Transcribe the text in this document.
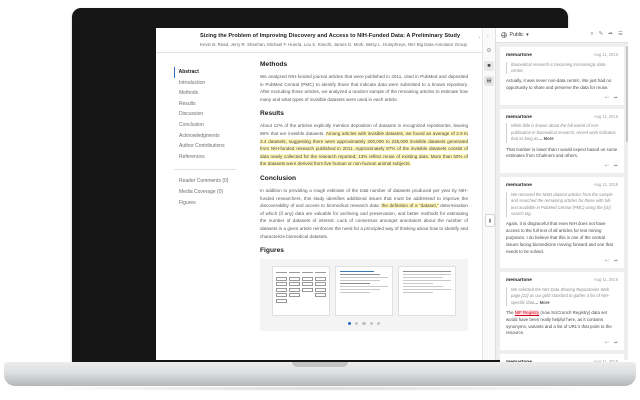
Sizing the Problem of Improving Discovery and Access to NIH-Funded Data: A Preliminary Study
Kevin B. Read, Jerry R. Sheehan, Michael F. Huerta, Lou S. Knecht, James G. Mork, Betsy L. Humphreys, NIH Big Data Annotator Group
›
Abstract
Introduction
Methods
Results
Discussion
Conclusion
Acknowledgments
Author Contributions
References
Reader Comments (0)
Media Coverage (0)
Figures
Methods

We analyzed NIH-funded journal articles that were published in 2011, cited in PubMed and deposited in PubMed Central (PMC) to identify those that indicate data were submitted to a known repository. After excluding those articles, we analyzed a random sample of the remaining articles to estimate how many and what types of invisible datasets were used in each article.

Results

About 12% of the articles explicitly mention deposition of datasets in recognized repositories, leaving 88% that are invisible datasets. Among articles with invisible datasets, we found an average of 2.9 to 3.4 datasets, suggesting there were approximately 200,000 to 235,000 invisible datasets generated from NIH-funded research published in 2011. Approximately 87% of the invisible datasets consist of data newly collected for the research reported; 13% reflect reuse of existing data. More than 50% of the datasets were derived from live human or non-human animal subjects.

Conclusion

In addition to providing a rough estimate of the total number of datasets produced per year by NIH-funded researchers, this study identifies additional issues that must be addressed to improve the discoverability of and access to biomedical research data: the definition of a “dataset,” determination of which (if any) data are valuable for archiving and preservation, and better methods for estimating the number of datasets of interest. Lack of consensus amongst annotators about the number of datasets in a given article reinforces the need for a principled way of thinking about how to identify and characterize biomedical datasets.

Figures
›
⚙
■
▤
▮
Public ▾	⌕ ✎ ➦ ☰
memartone	Aug 11, 2015
Biomedical research is becoming increasingly data-centric
Actually, it was never non-data centric. We just had no opportunity to share and preserve the data for reuse.
↩ ➦
memartone	Aug 11, 2015
While little is known about the full extent of non-publication in biomedical research, recent work indicates that as long as… More
That number is lower than I would expect based on some estimates from Chalmers and others.
↩ ➦
memartone	Aug 11, 2015
We removed the MSD dataset articles from the sample and searched the remaining articles for those with full-text available in PubMed Central (PMC) using the [sb] search tag.
Again, it is disgraceful that even NIH does not have access to the full text of all articles for text mining purposes. I do believe that this is one of the central issues facing biomedicine moving forward and one that needs to be solved.
↩ ➦
memartone	Aug 11, 2015
We selected the NIH Data Sharing Repositories Web page [22] as our gold standard to gather a list of NIH-specific data… More
The NIF Registry (now SciCrunch Registry) data set would have been really helpful here, as it contains synonyms, variants and a list of URL's that point to the resource.
↩ ➦
